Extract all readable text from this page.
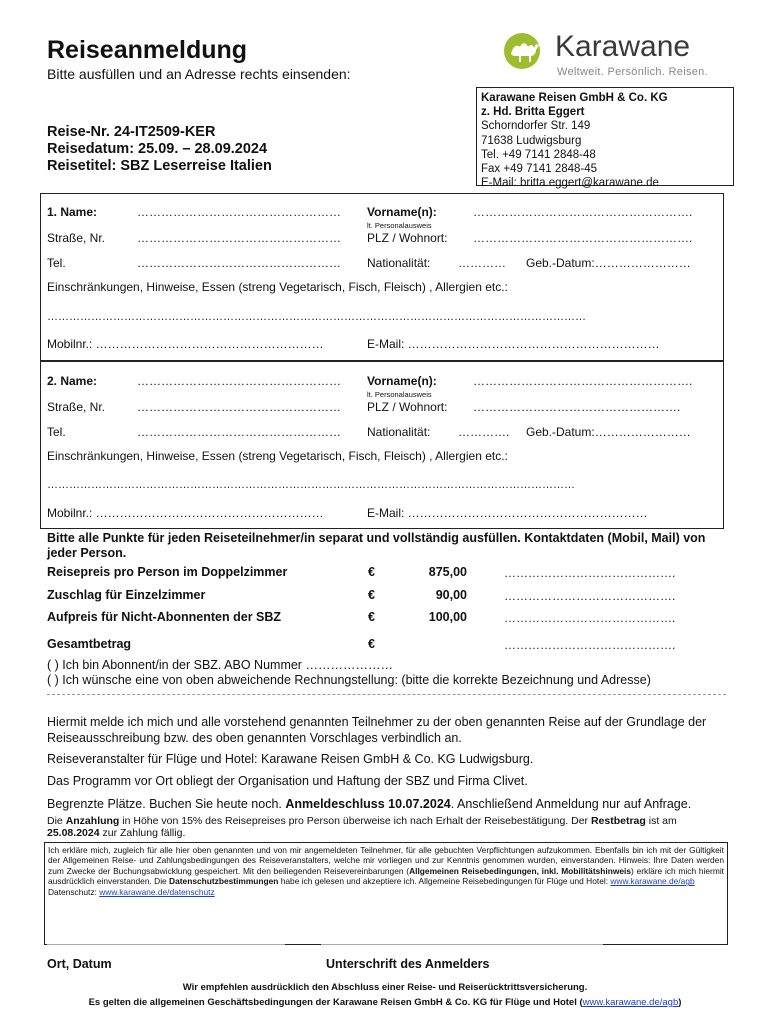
Reiseanmeldung
Bitte ausfüllen und an Adresse rechts einsenden:
Karawane
Weltweit. Persönlich. Reisen.
Karawane Reisen GmbH & Co. KG
z. Hd. Britta Eggert
Schorndorfer Str. 149
71638 Ludwigsburg
Tel. +49 7141 2848-48
Fax +49 7141 2848-45
E-Mail: britta.eggert@karawane.de
Reise-Nr. 24-IT2509-KER
Reisedatum: 25.09. – 28.09.2024
Reisetitel: SBZ Leserreise Italien
1. Name:	…………………………………………… Vorname(n):	……………………………………………….
lt. Personalausweis
Straße, Nr.	…………………………………………… PLZ / Wohnort: ……………………………………………….
Tel.	…………………………………………… Nationalität: ………… Geb.-Datum:……………………
Einschränkungen, Hinweise, Essen (streng Vegetarisch, Fisch, Fleisch) , Allergien etc.:
…………………………………………………………………………………………………………………………………
Mobilnr.: …………………………………………………	E-Mail: ………………………………………………………
2. Name:	…………………………………………… Vorname(n):	……………………………………………….
lt. Personalausweis
Straße, Nr.	…………………………………………… PLZ / Wohnort: …………………………………………….
Tel.	…………………………………………… Nationalität: …………. Geb.-Datum:……………………
Einschränkungen, Hinweise, Essen (streng Vegetarisch, Fisch, Fleisch) , Allergien etc.:
………………………………………………………………………………………………………………………………
Mobilnr.: …………………………………………………	E-Mail: ……………………………………………………
Bitte alle Punkte für jeden Reiseteilnehmer/in separat und vollständig ausfüllen. Kontaktdaten (Mobil, Mail) von jeder Person.
Reisepreis pro Person im Doppelzimmer	€	875,00	…………………………………….
Zuschlag für Einzelzimmer	€	90,00	…………………………………….
Aufpreis für Nicht-Abonnenten der SBZ	€	100,00	…………………………………….
Gesamtbetrag	€	…………………………………….
( ) Ich bin Abonnent/in der SBZ. ABO Nummer …………………
( ) Ich wünsche eine von oben abweichende Rechnungstellung: (bitte die korrekte Bezeichnung und Adresse)
Hiermit melde ich mich und alle vorstehend genannten Teilnehmer zu der oben genannten Reise auf der Grundlage der Reiseausschreibung bzw. des oben genannten Vorschlages verbindlich an.
Reiseveranstalter für Flüge und Hotel: Karawane Reisen GmbH & Co. KG Ludwigsburg.
Das Programm vor Ort obliegt der Organisation und Haftung der SBZ und Firma Clivet.
Begrenzte Plätze. Buchen Sie heute noch. Anmeldeschluss 10.07.2024. Anschließend Anmeldung nur auf Anfrage.
Die Anzahlung in Höhe von 15% des Reisepreises pro Person überweise ich nach Erhalt der Reisebestätigung. Der Restbetrag ist am 25.08.2024 zur Zahlung fällig.
Ich erkläre mich, zugleich für alle hier oben genannten und von mir angemeldeten Teilnehmer, für alle gebuchten Verpflichtungen aufzukommen. Ebenfalls bin ich mit der Gültigkeit der Allgemeinen Reise- und Zahlungsbedingungen des Reiseveranstalters, welche mir vorliegen und zur Kenntnis genommen wurden, einverstanden. Hinweis: Ihre Daten werden zum Zwecke der Buchungsabwicklung gespeichert. Mit den beiliegenden Reisevereinbarungen (Allgemeinen Reisebedingungen, inkl. Mobilitätshinweis) erkläre ich mich hiermit ausdrücklich einverstanden. Die Datenschutzbestimmungen habe ich gelesen und akzeptiere ich. Allgemeine Reisebedingungen für Flüge und Hotel: www.karawane.de/agb
Datenschutz: www.karawane.de/datenschutz
Ort, Datum	Unterschrift des Anmelders
Wir empfehlen ausdrücklich den Abschluss einer Reise- und Reiserücktrittsversicherung.
Es gelten die allgemeinen Geschäftsbedingungen der Karawane Reisen GmbH & Co. KG für Flüge und Hotel (www.karawane.de/agb)
